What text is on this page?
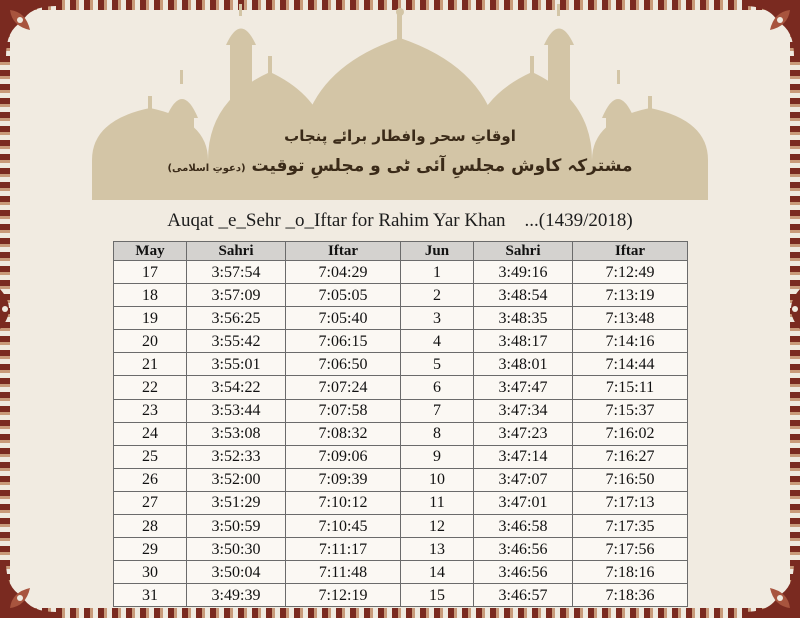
اوقاتِ سحر وافطار برائے پنجاب
مشترکہ کاوش مجلسِ آئی ٹی و مجلسِ توقیت (دعوتِ اسلامی)
Auqat _e_Sehr _o_Iftar for Rahim Yar Khan    ...(1439/2018)
May	Sahri	Iftar	Jun	Sahri	Iftar
17	3:57:54	7:04:29	1	3:49:16	7:12:49
18	3:57:09	7:05:05	2	3:48:54	7:13:19
19	3:56:25	7:05:40	3	3:48:35	7:13:48
20	3:55:42	7:06:15	4	3:48:17	7:14:16
21	3:55:01	7:06:50	5	3:48:01	7:14:44
22	3:54:22	7:07:24	6	3:47:47	7:15:11
23	3:53:44	7:07:58	7	3:47:34	7:15:37
24	3:53:08	7:08:32	8	3:47:23	7:16:02
25	3:52:33	7:09:06	9	3:47:14	7:16:27
26	3:52:00	7:09:39	10	3:47:07	7:16:50
27	3:51:29	7:10:12	11	3:47:01	7:17:13
28	3:50:59	7:10:45	12	3:46:58	7:17:35
29	3:50:30	7:11:17	13	3:46:56	7:17:56
30	3:50:04	7:11:48	14	3:46:56	7:18:16
31	3:49:39	7:12:19	15	3:46:57	7:18:36
